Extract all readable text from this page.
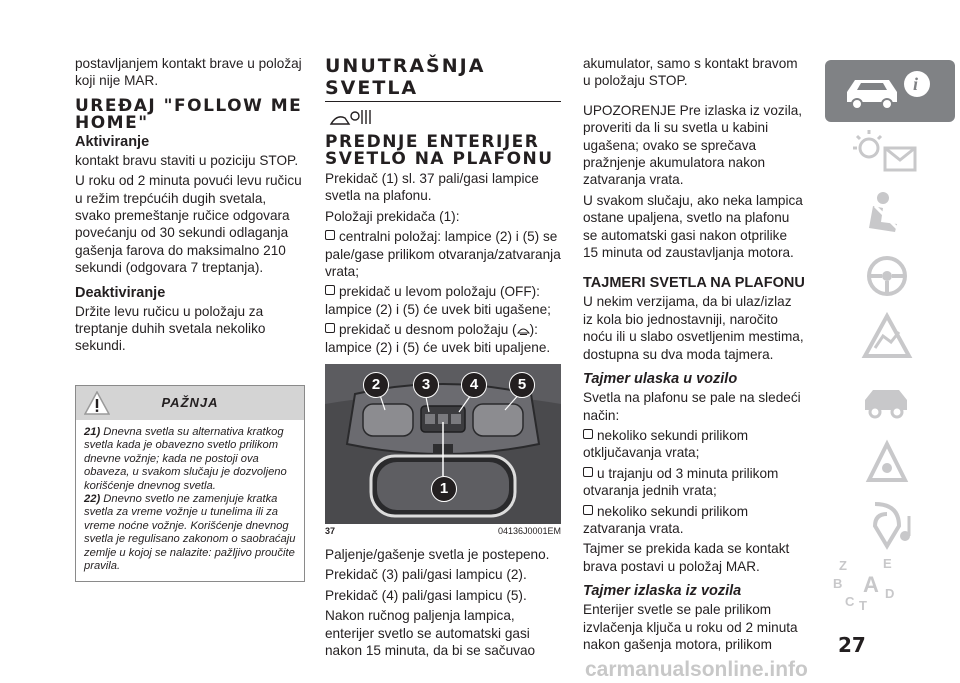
postavljanjem kontakt brave u položaj koji nije MAR.

UREĐAJ "FOLLOW ME HOME"
Aktiviranje

kontakt bravu staviti u poziciju STOP.

U roku od 2 minuta povući levu ručicu u režim trepćućih dugih svetala, svako premeštanje ručice odgovara povećanju od 30 sekundi odlaganja gašenja farova do maksimalno 210 sekundi (odgovara 7 treptanja).

Deaktiviranje

Držite levu ručicu u položaju za treptanje duhih svetala nekoliko sekundi.

PAŽNJA
21) Dnevna svetla su alternativa kratkog svetla kada je obavezno svetlo prilikom dnevne vožnje; kada ne postoji ova obaveza, u svakom slučaju je dozvoljeno korišćenje dnevnog svetla.
22) Dnevno svetlo ne zamenjuje kratka svetla za vreme vožnje u tunelima ili za vreme noćne vožnje. Korišćenje dnevnog svetla je regulisano zakonom o saobraćaju zemlje u kojoj se nalazite: pažljivo proučite pravila.
UNUTRAŠNJA SVETLA
PREDNJE ENTERIJER SVETLO NA PLAFONU

Prekidač (1) sl. 37 pali/gasi lampice svetla na plafonu.

Položaji prekidača (1):

centralni položaj: lampice (2) i (5) se pale/gase prilikom otvaranja/zatvaranja vrata;

prekidač u levom položaju (OFF): lampice (2) i (5) će uvek biti ugašene;

prekidač u desnom položaju ( ): lampice (2) i (5) će uvek biti upaljene.

2	3	4	5
1
37	04136J0001EM

Paljenje/gašenje svetla je postepeno.

Prekidač (3) pali/gasi lampicu (2).

Prekidač (4) pali/gasi lampicu (5).

Nakon ručnog paljenja lampica, enterijer svetlo se automatski gasi nakon 15 minuta, da bi se sačuvao

akumulator, samo s kontakt bravom u položaju STOP.

UPOZORENJE Pre izlaska iz vozila, proveriti da li su svetla u kabini ugašena; ovako se sprečava pražnjenje akumulatora nakon zatvaranja vrata.

U svakom slučaju, ako neka lampica ostane upaljena, svetlo na plafonu se automatski gasi nakon otprilike 15 minuta od zaustavljanja motora.

TAJMERI SVETLA NA PLAFONU

U nekim verzijama, da bi ulaz/izlaz iz kola bio jednostavniji, naročito noću ili u slabo osvetljenim mestima, dostupna su dva moda tajmera.

Tajmer ulaska u vozilo

Svetla na plafonu se pale na sledeći način:

nekoliko sekundi prilikom otključavanja vrata;

u trajanju od 3 minuta prilikom otvaranja jednih vrata;

nekoliko sekundi prilikom zatvaranja vrata.

Tajmer se prekida kada se kontakt brava postavi u položaj MAR.

Tajmer izlaska iz vozila

Enterijer svetle se pale prilikom izvlačenja ključa u roku od 2 minuta nakon gašenja motora, prilikom

i
Z	E
B A
C T
D
27
carmanualsonline.info
